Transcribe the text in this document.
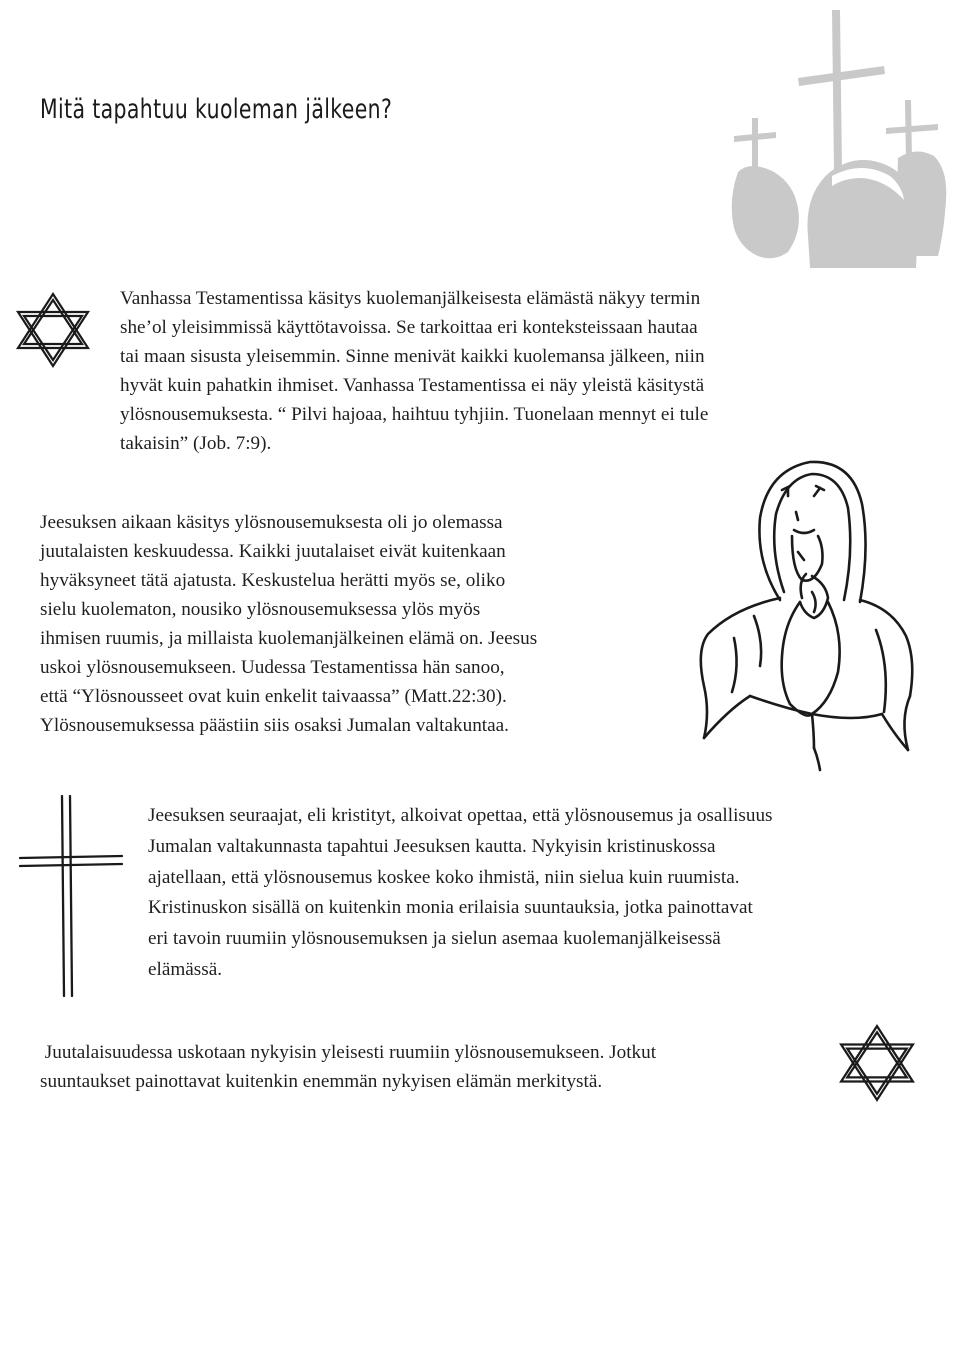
Mitä tapahtuu kuoleman jälkeen?
Vanhassa Testamentissa käsitys kuolemanjälkeisesta elämästä näkyy termin
she’ol yleisimmissä käyttötavoissa. Se tarkoittaa eri konteksteissaan hautaa
tai maan sisusta yleisemmin. Sinne menivät kaikki kuolemansa jälkeen, niin
hyvät kuin pahatkin ihmiset. Vanhassa Testamentissa ei näy yleistä käsitystä
ylösnousemuksesta. “ Pilvi hajoaa, haihtuu tyhjiin. Tuonelaan mennyt ei tule
takaisin” (Job. 7:9).
Jeesuksen aikaan käsitys ylösnousemuksesta oli jo olemassa
juutalaisten keskuudessa. Kaikki juutalaiset eivät kuitenkaan
hyväksyneet tätä ajatusta. Keskustelua herätti myös se, oliko
sielu kuolematon, nousiko ylösnousemuksessa ylös myös
ihmisen ruumis, ja millaista kuolemanjälkeinen elämä on. Jeesus
uskoi ylösnousemukseen. Uudessa Testamentissa hän sanoo,
että “Ylösnousseet ovat kuin enkelit taivaassa” (Matt.22:30).
Ylösnousemuksessa päästiin siis osaksi Jumalan valtakuntaa.
Jeesuksen seuraajat, eli kristityt, alkoivat opettaa, että ylösnousemus ja osallisuus
Jumalan valtakunnasta tapahtui Jeesuksen kautta. Nykyisin kristinuskossa
ajatellaan, että ylösnousemus koskee koko ihmistä, niin sielua kuin ruumista.
Kristinuskon sisällä on kuitenkin monia erilaisia suuntauksia, jotka painottavat
eri tavoin ruumiin ylösnousemuksen ja sielun asemaa kuolemanjälkeisessä
elämässä.
Juutalaisuudessa uskotaan nykyisin yleisesti ruumiin ylösnousemukseen. Jotkut
suuntaukset painottavat kuitenkin enemmän nykyisen elämän merkitystä.
